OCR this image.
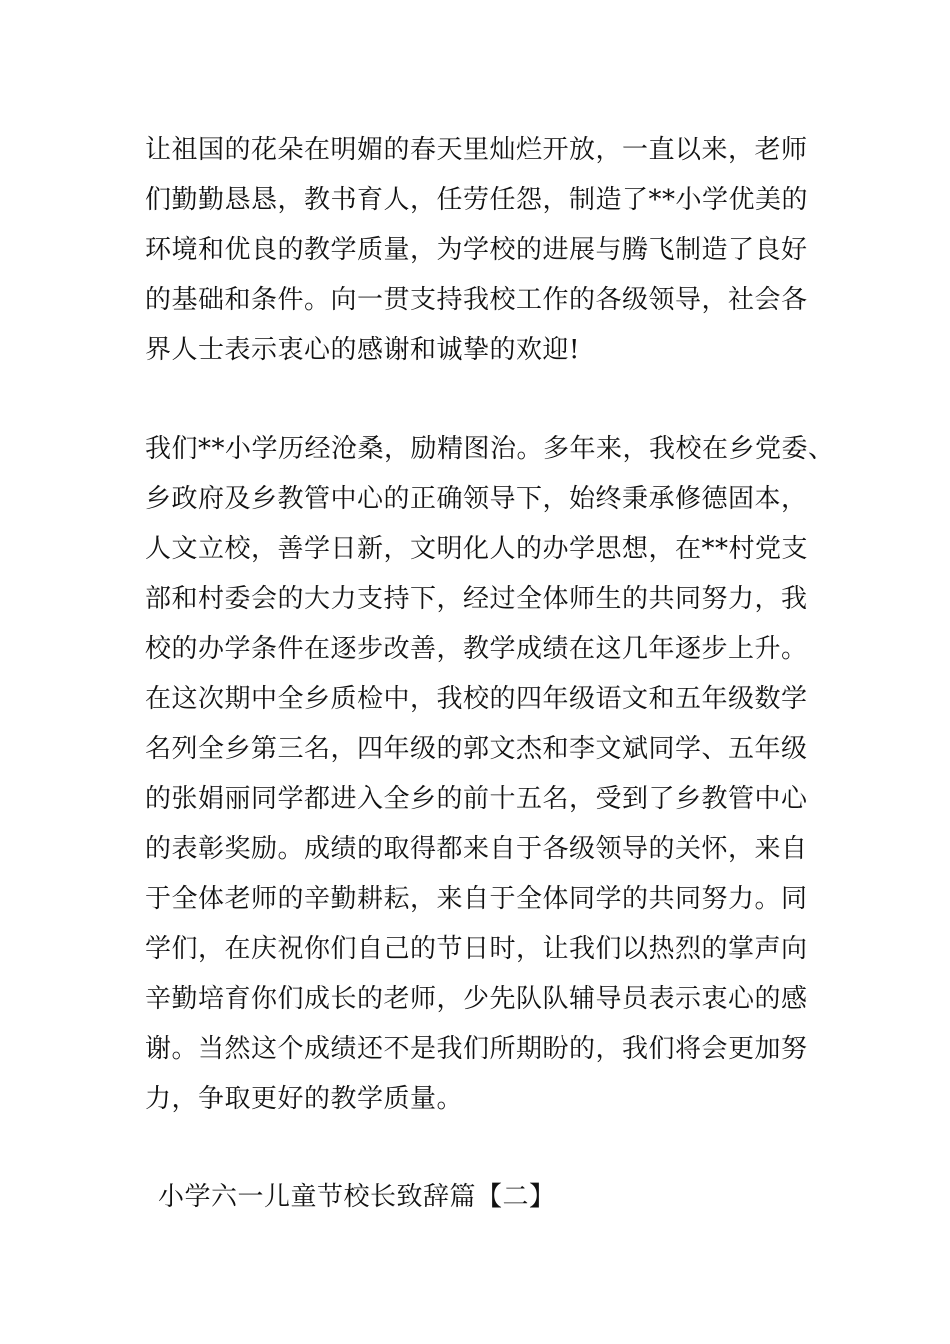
让祖国的花朵在明媚的春天里灿烂开放，一直以来，老师
们勤勤恳恳，教书育人，任劳任怨，制造了**小学优美的
环境和优良的教学质量，为学校的进展与腾飞制造了良好
的基础和条件。向一贯支持我校工作的各级领导，社会各
界人士表示衷心的感谢和诚挚的欢迎!
我们**小学历经沧桑，励精图治。多年来，我校在乡党委、
乡政府及乡教管中心的正确领导下，始终秉承修德固本，
人文立校，善学日新，文明化人的办学思想，在**村党支
部和村委会的大力支持下，经过全体师生的共同努力，我
校的办学条件在逐步改善，教学成绩在这几年逐步上升。
在这次期中全乡质检中，我校的四年级语文和五年级数学
名列全乡第三名，四年级的郭文杰和李文斌同学、五年级
的张娟丽同学都进入全乡的前十五名，受到了乡教管中心
的表彰奖励。成绩的取得都来自于各级领导的关怀，来自
于全体老师的辛勤耕耘，来自于全体同学的共同努力。同
学们，在庆祝你们自己的节日时，让我们以热烈的掌声向
辛勤培育你们成长的老师，少先队队辅导员表示衷心的感
谢。当然这个成绩还不是我们所期盼的，我们将会更加努
力，争取更好的教学质量。
小学六一儿童节校长致辞篇【二】
